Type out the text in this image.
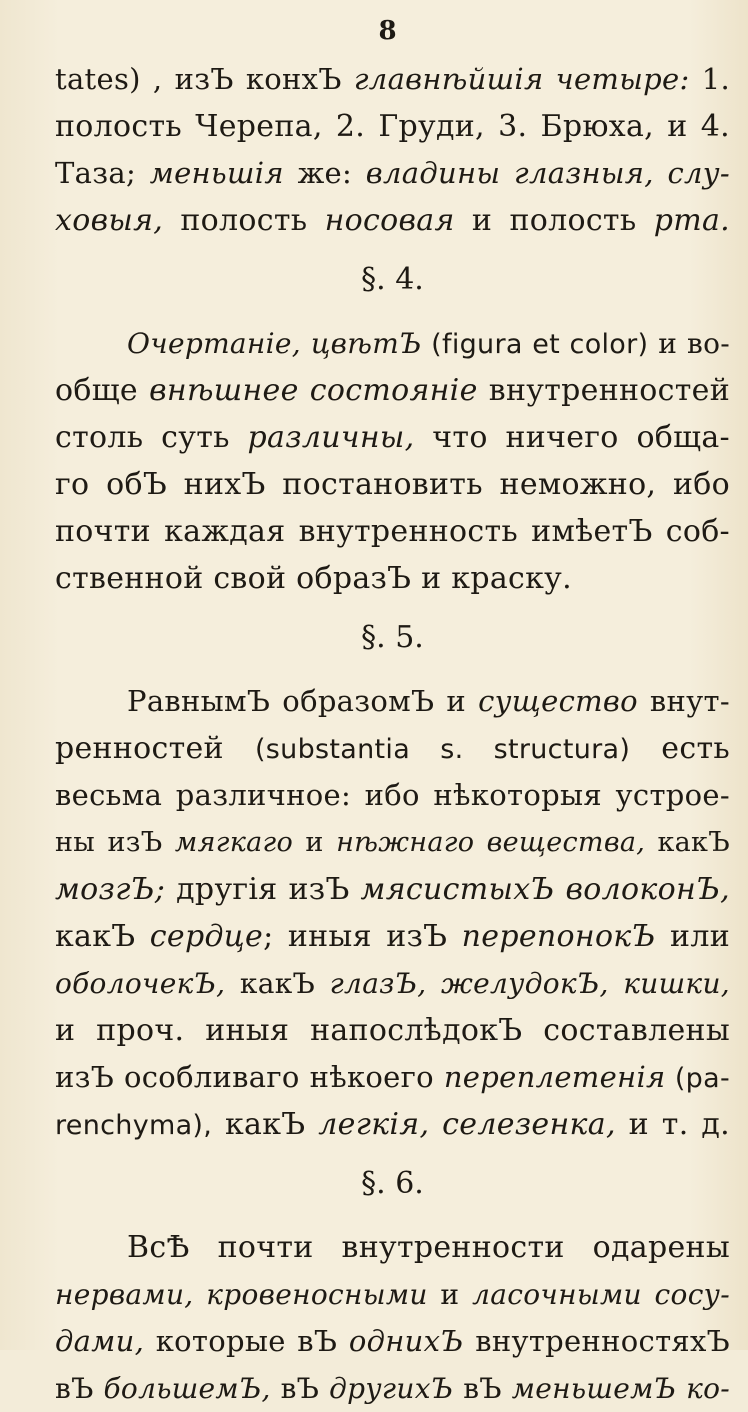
8
tates) , изЪ конхЪ главнѣйшія четыре: 1.
полость Черепа, 2. Груди, 3. Брюха, и 4.
Таза; меньшія же: владины глазныя, слу-
ховыя, полость носовая и полость рта.
§. 4.
Очертаніе, цвѣтЪ (figura et color) и во-
обще внѣшнее состояніе внутренностей
столь суть различны, что ничего обща-
го обЪ нихЪ постановить неможно, ибо
почти каждая внутренность имѣетЪ соб-
ственной свой образЪ и краску.
§. 5.
РавнымЪ образомЪ и существо внут-
ренностей (substantia s. structura) есть
весьма различное: ибо нѣкоторыя устрое-
ны изЪ мягкаго и нѣжнаго вещества, какЪ
мозгЪ; другія изЪ мясистыхЪ волоконЪ,
какЪ сердце; иныя изЪ перепонокЪ или
оболочекЪ, какЪ глазЪ, желудокЪ, кишки,
и проч. иныя напослѣдокЪ составлены
изЪ особливаго нѣкоего переплетенія (pa-
renchyma), какЪ легкія, селезенка, и т. д.
§. 6.
ВсѢ почти внутренности одарены
нервами, кровеносными и ласочными сосу-
дами, которые вЪ однихЪ внутренностяхЪ
вЪ большемЪ, вЪ другихЪ вЪ меньшемЪ ко-
